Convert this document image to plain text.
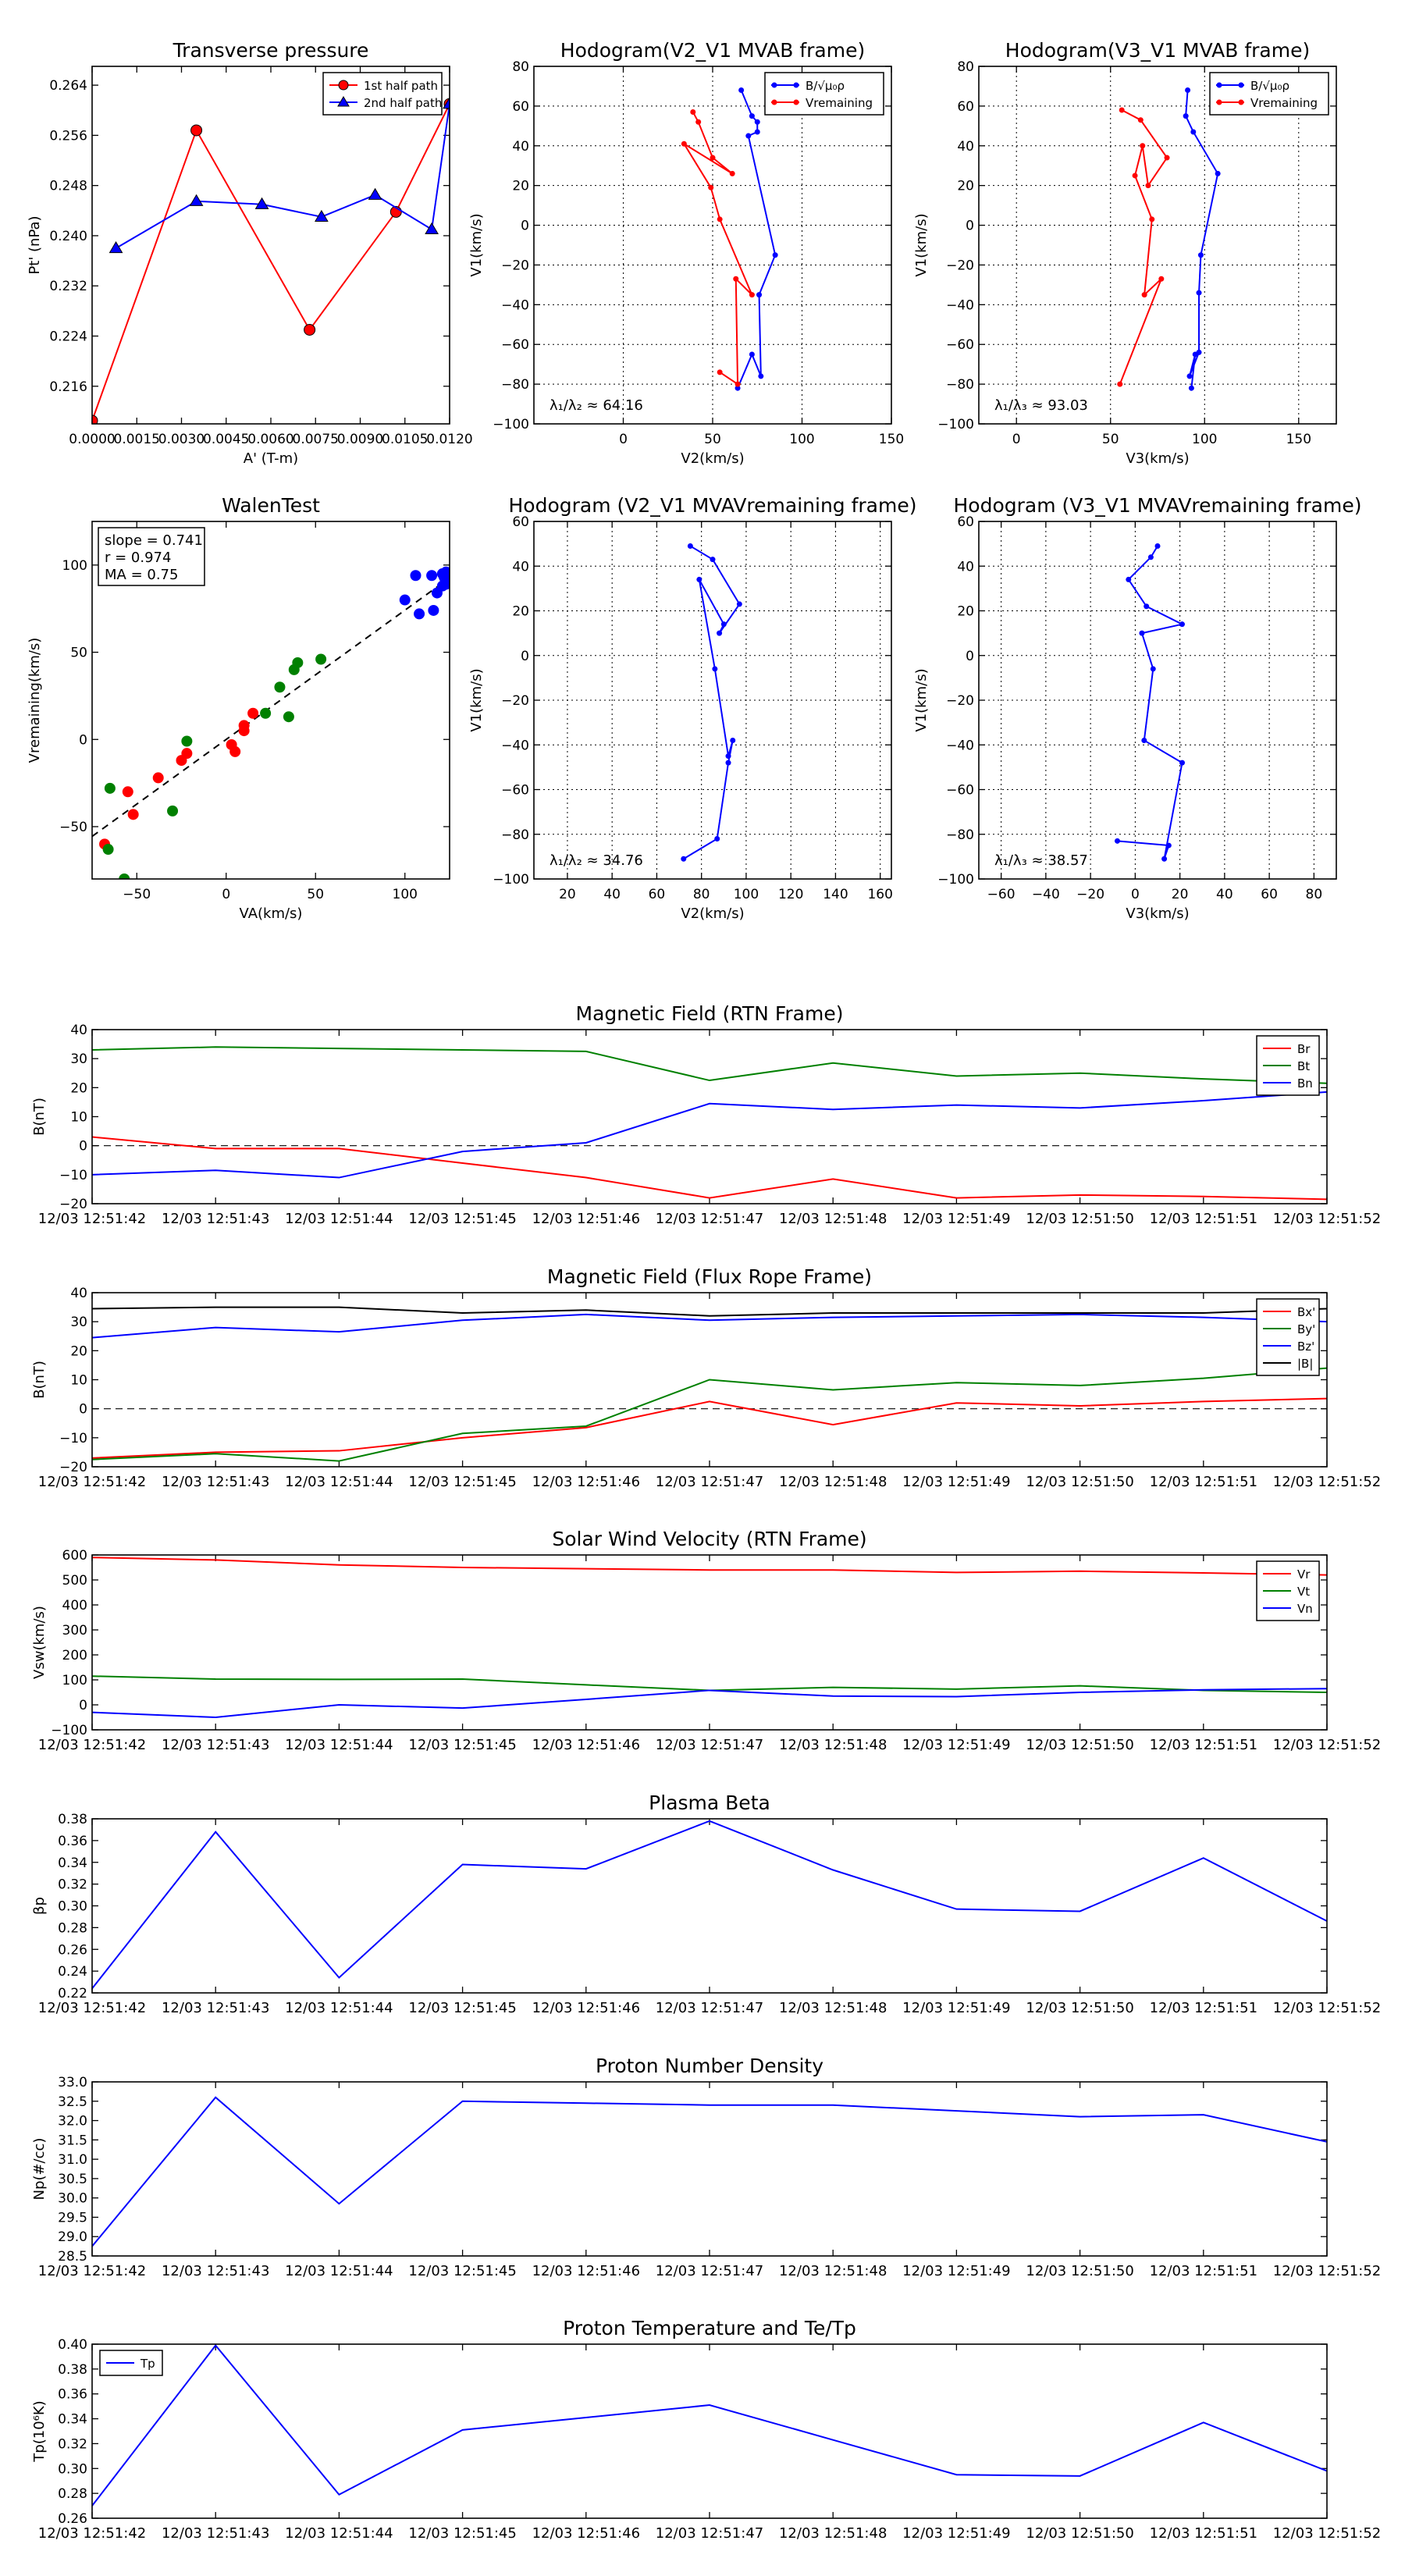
Transverse pressure
0.0000
0.0015
0.0030
0.0045
0.0060
0.0075
0.0090
0.0105
0.0120
0.216
0.224
0.232
0.240
0.248
0.256
0.264
A' (T-m)
Pt' (nPa)
1st half path
2nd half path
Hodogram(V2_V1 MVAB frame)
0	50	100	150
−100
−80
−60
−40
−20
0
20
40
60
80
V2(km/s)
V1(km/s)
λ₁/λ₂ ≈ 64.16
B/√μ₀ρ
Vremaining
Hodogram(V3_V1 MVAB frame)
0	50	100	150
−100
−80
−60
−40
−20
0
20
40
60
80
V3(km/s)
V1(km/s)
λ₁/λ₃ ≈ 93.03
B/√μ₀ρ
Vremaining
WalenTest
−50	0	50	100
−50
0
50
100
VA(km/s)
Vremaining(km/s)
slope = 0.741
r = 0.974
MA = 0.75
Hodogram (V2_V1 MVAVremaining frame)
20 40 60 80 100 120 140 160
−100
−80
−60
−40
−20
0
20
40
60
V2(km/s)
V1(km/s)
λ₁/λ₂ ≈ 34.76
Hodogram (V3_V1 MVAVremaining frame)
−60 −40 −20 0 20 40 60 80
−100
−80
−60
−40
−20
0
20
40
60
V3(km/s)
V1(km/s)
λ₁/λ₃ ≈ 38.57
Magnetic Field (RTN Frame)
12/03 12:51:42 12/03 12:51:43 12/03 12:51:44 12/03 12:51:45 12/03 12:51:46 12/03 12:51:47 12/03 12:51:48 12/03 12:51:49 12/03 12:51:50 12/03 12:51:51 12/03 12:51:52
−20
−10
0
10
20
30
40
B(nT)
Br
Bt
Bn
Magnetic Field (Flux Rope Frame)
12/03 12:51:42 12/03 12:51:43 12/03 12:51:44 12/03 12:51:45 12/03 12:51:46 12/03 12:51:47 12/03 12:51:48 12/03 12:51:49 12/03 12:51:50 12/03 12:51:51 12/03 12:51:52
−20
−10
0
10
20
30
40
B(nT)
Bx'
By'
Bz'
|B|
Solar Wind Velocity (RTN Frame)
12/03 12:51:42 12/03 12:51:43 12/03 12:51:44 12/03 12:51:45 12/03 12:51:46 12/03 12:51:47 12/03 12:51:48 12/03 12:51:49 12/03 12:51:50 12/03 12:51:51 12/03 12:51:52
−100
0
100
200
300
400
500
600
Vsw(km/s)
Vr
Vt
Vn
Plasma Beta
12/03 12:51:42 12/03 12:51:43 12/03 12:51:44 12/03 12:51:45 12/03 12:51:46 12/03 12:51:47 12/03 12:51:48 12/03 12:51:49 12/03 12:51:50 12/03 12:51:51 12/03 12:51:52
0.22
0.24
0.26
0.28
0.30
0.32
0.34
0.36
0.38
βp
Proton Number Density
12/03 12:51:42 12/03 12:51:43 12/03 12:51:44 12/03 12:51:45 12/03 12:51:46 12/03 12:51:47 12/03 12:51:48 12/03 12:51:49 12/03 12:51:50 12/03 12:51:51 12/03 12:51:52
28.5
29.0
29.5
30.0
30.5
31.0
31.5
32.0
32.5
33.0
Np(#/cc)
Proton Temperature and Te/Tp
12/03 12:51:42 12/03 12:51:43 12/03 12:51:44 12/03 12:51:45 12/03 12:51:46 12/03 12:51:47 12/03 12:51:48 12/03 12:51:49 12/03 12:51:50 12/03 12:51:51 12/03 12:51:52
0.26
0.28
0.30
0.32
0.34
0.36
0.38
0.40
Tp(10⁶K)
Tp
